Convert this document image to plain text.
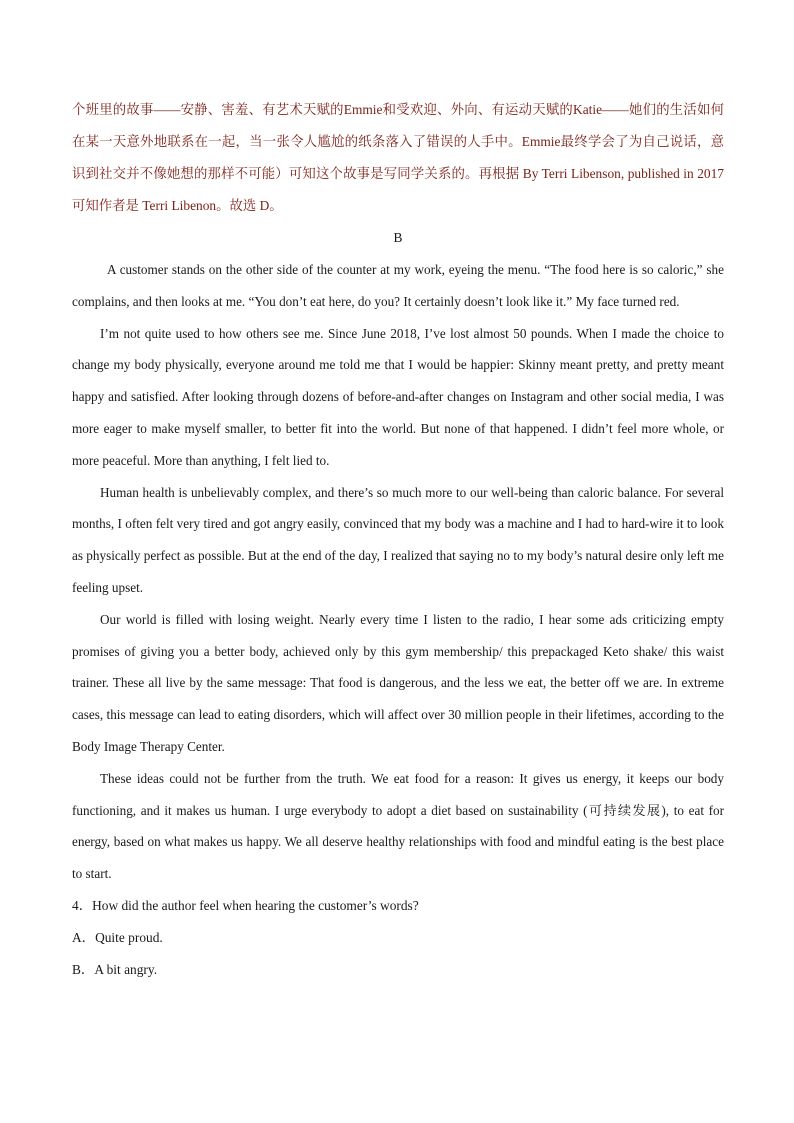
个班里的故事——安静、害羞、有艺术天赋的Emmie和受欢迎、外向、有运动天赋的Katie——她们的生活如何在某一天意外地联系在一起，当一张令人尴尬的纸条落入了错误的人手中。Emmie最终学会了为自己说话，意识到社交并不像她想的那样不可能）可知这个故事是写同学关系的。再根据 By Terri Libenson, published in 2017 可知作者是 Terri Libenon。故选 D。

B

A customer stands on the other side of the counter at my work, eyeing the menu. “The food here is so caloric,” she complains, and then looks at me. “You don’t eat here, do you? It certainly doesn’t look like it.” My face turned red.

I’m not quite used to how others see me. Since June 2018, I’ve lost almost 50 pounds. When I made the choice to change my body physically, everyone around me told me that I would be happier: Skinny meant pretty, and pretty meant happy and satisfied. After looking through dozens of before-and-after changes on Instagram and other social media, I was more eager to make myself smaller, to better fit into the world. But none of that happened. I didn’t feel more whole, or more peaceful. More than anything, I felt lied to.

Human health is unbelievably complex, and there’s so much more to our well-being than caloric balance. For several months, I often felt very tired and got angry easily, convinced that my body was a machine and I had to hard-wire it to look as physically perfect as possible. But at the end of the day, I realized that saying no to my body’s natural desire only left me feeling upset.

Our world is filled with losing weight. Nearly every time I listen to the radio, I hear some ads criticizing empty promises of giving you a better body, achieved only by this gym membership/ this prepackaged Keto shake/ this waist trainer. These all live by the same message: That food is dangerous, and the less we eat, the better off we are. In extreme cases, this message can lead to eating disorders, which will affect over 30 million people in their lifetimes, according to the Body Image Therapy Center.

These ideas could not be further from the truth. We eat food for a reason: It gives us energy, it keeps our body functioning, and it makes us human. I urge everybody to adopt a diet based on sustainability (可持续发展), to eat for energy, based on what makes us happy. We all deserve healthy relationships with food and mindful eating is the best place to start.

4．How did the author feel when hearing the customer’s words?

A．Quite proud.

B．A bit angry.
